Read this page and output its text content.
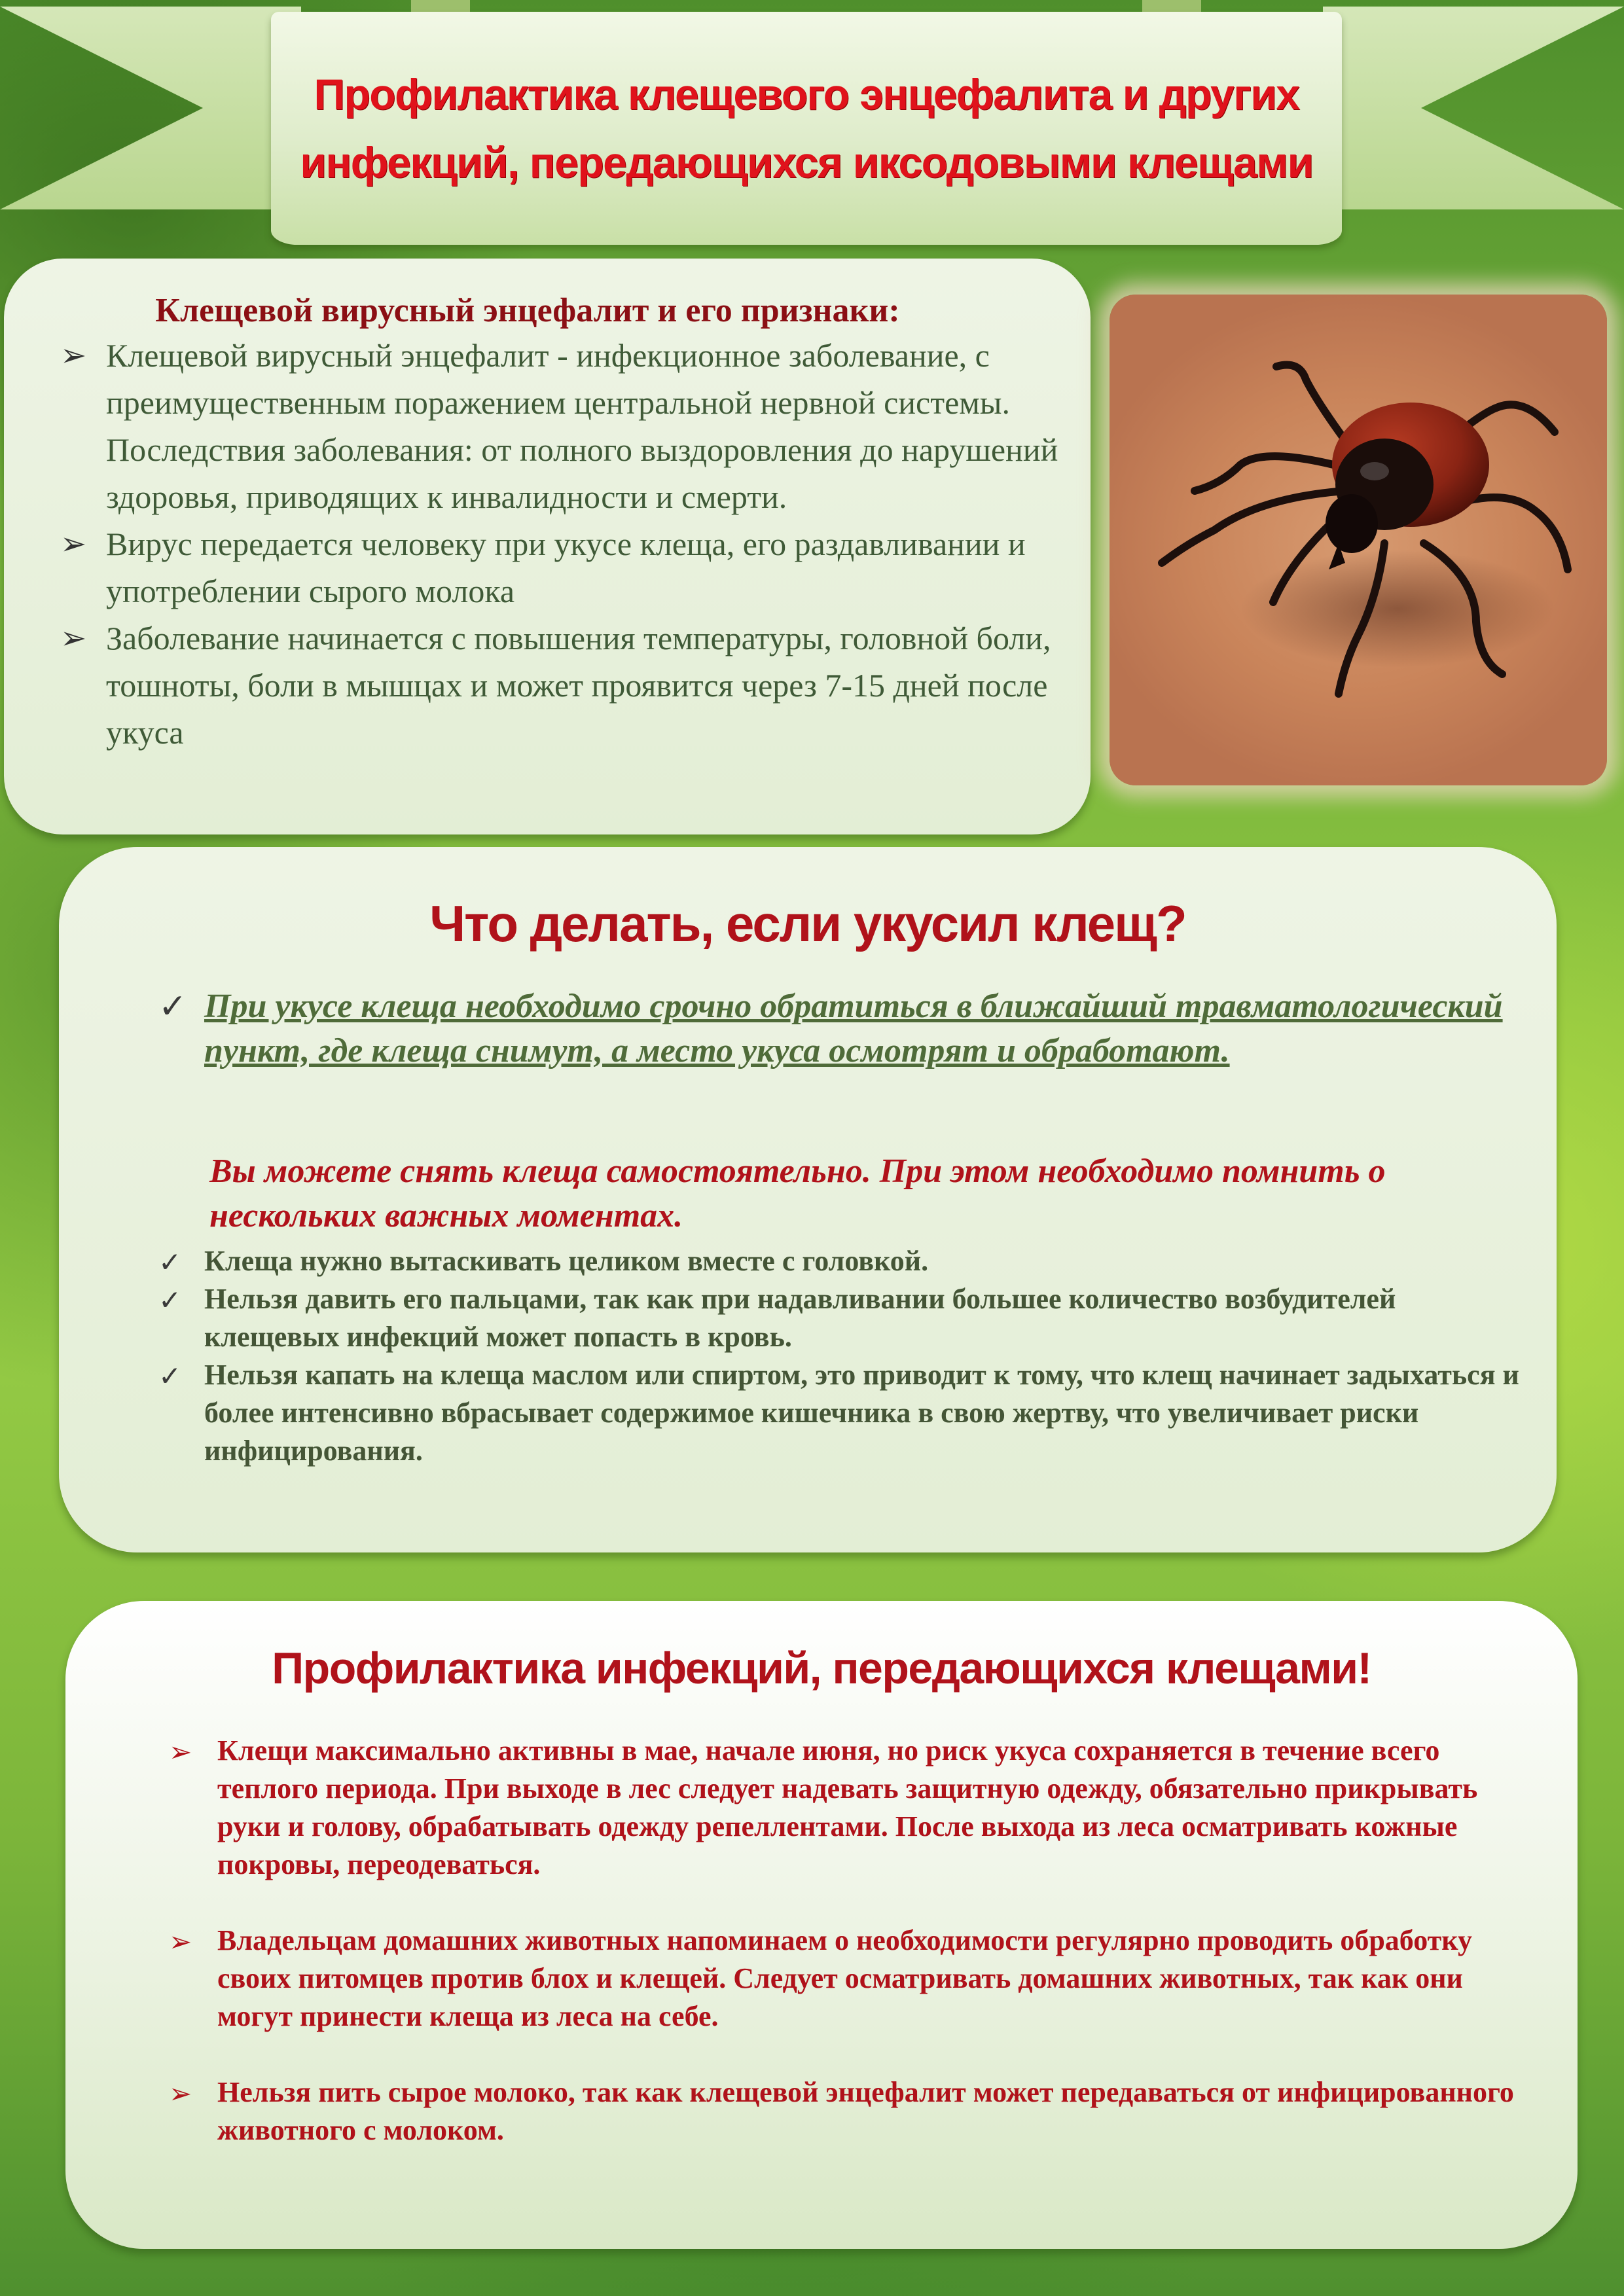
Профилактика клещевого энцефалита и других инфекций, передающихся иксодовыми клещами
Клещевой вирусный энцефалит и его признаки:
➢ Клещевой вирусный энцефалит - инфекционное заболевание, с преимущественным поражением центральной нервной системы. Последствия заболевания: от полного выздоровления до нарушений здоровья, приводящих к инвалидности и смерти.
➢ Вирус передается человеку при укусе клеща, его раздавливании и употреблении сырого молока
➢ Заболевание начинается с повышения температуры, головной боли, тошноты, боли в мышцах и может проявится через 7-15 дней после укуса
Что делать, если укусил клещ?
✓ При укусе клеща необходимо срочно обратиться в ближайший травматологический пункт, где клеща снимут, а место укуса осмотрят и обработают.

Вы можете снять клеща самостоятельно. При этом необходимо помнить о нескольких важных моментах.

✓ Клеща нужно вытаскивать целиком вместе с головкой.
✓ Нельзя давить его пальцами, так как при надавливании большее количество возбудителей клещевых инфекций может попасть в кровь.
✓ Нельзя капать на клеща маслом или спиртом, это приводит к тому, что клещ начинает задыхаться и более интенсивно вбрасывает содержимое кишечника в свою жертву, что увеличивает риски инфицирования.
Профилактика инфекций, передающихся клещами!
➢ Клещи максимально активны в мае, начале июня, но риск укуса сохраняется в течение всего теплого периода. При выходе в лес следует надевать защитную одежду, обязательно прикрывать руки и голову, обрабатывать одежду репеллентами. После выхода из леса осматривать кожные покровы, переодеваться.
➢ Владельцам домашних животных напоминаем о необходимости регулярно проводить обработку своих питомцев против блох и клещей. Следует осматривать домашних животных, так как они могут принести клеща из леса на себе.
➢ Нельзя пить сырое молоко, так как клещевой энцефалит может передаваться от инфицированного животного с молоком.
